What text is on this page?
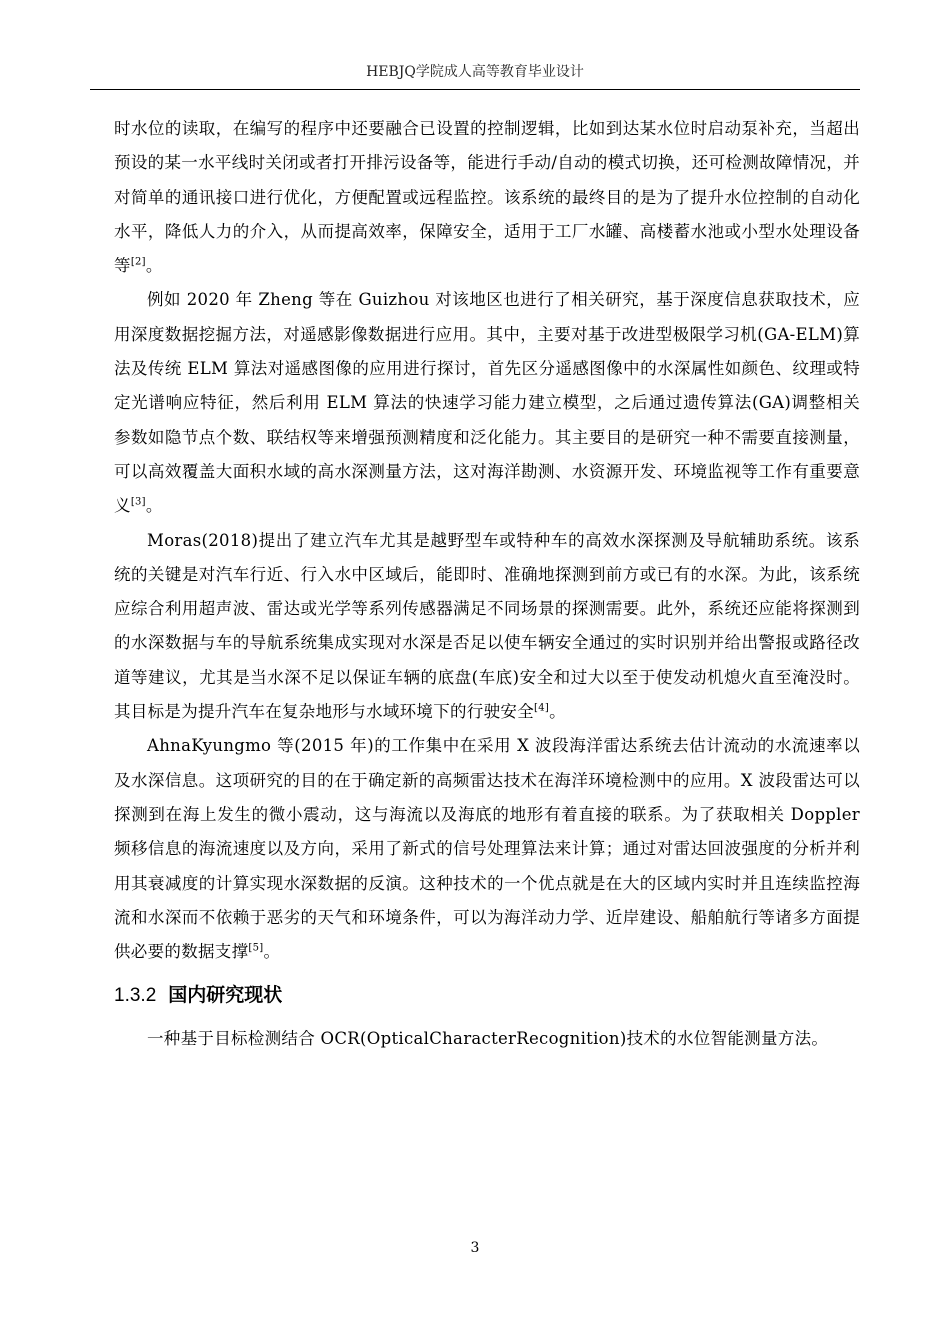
HEBJQ学院成人高等教育毕业设计

时水位的读取，在编写的程序中还要融合已设置的控制逻辑，比如到达某水位时启动泵补充，当超出预设的某一水平线时关闭或者打开排污设备等，能进行手动/自动的模式切换，还可检测故障情况，并对简单的通讯接口进行优化，方便配置或远程监控。该系统的最终目的是为了提升水位控制的自动化水平，降低人力的介入，从而提高效率，保障安全，适用于工厂水罐、高楼蓄水池或小型水处理设备等[2]。

例如 2020 年 Zheng 等在 Guizhou 对该地区也进行了相关研究，基于深度信息获取技术，应用深度数据挖掘方法，对遥感影像数据进行应用。其中，主要对基于改进型极限学习机(GA-ELM)算法及传统 ELM 算法对遥感图像的应用进行探讨，首先区分遥感图像中的水深属性如颜色、纹理或特定光谱响应特征，然后利用 ELM 算法的快速学习能力建立模型，之后通过遗传算法(GA)调整相关参数如隐节点个数、联结权等来增强预测精度和泛化能力。其主要目的是研究一种不需要直接测量，可以高效覆盖大面积水域的高水深测量方法，这对海洋勘测、水资源开发、环境监视等工作有重要意义[3]。

Moras(2018)提出了建立汽车尤其是越野型车或特种车的高效水深探测及导航辅助系统。该系统的关键是对汽车行近、行入水中区域后，能即时、准确地探测到前方或已有的水深。为此，该系统应综合利用超声波、雷达或光学等系列传感器满足不同场景的探测需要。此外，系统还应能将探测到的水深数据与车的导航系统集成实现对水深是否足以使车辆安全通过的实时识别并给出警报或路径改道等建议，尤其是当水深不足以保证车辆的底盘(车底)安全和过大以至于使发动机熄火直至淹没时。其目标是为提升汽车在复杂地形与水域环境下的行驶安全[4]。

AhnaKyungmo 等(2015 年)的工作集中在采用 X 波段海洋雷达系统去估计流动的水流速率以及水深信息。这项研究的目的在于确定新的高频雷达技术在海洋环境检测中的应用。X 波段雷达可以探测到在海上发生的微小震动，这与海流以及海底的地形有着直接的联系。为了获取相关 Doppler 频移信息的海流速度以及方向，采用了新式的信号处理算法来计算；通过对雷达回波强度的分析并利用其衰减度的计算实现水深数据的反演。这种技术的一个优点就是在大的区域内实时并且连续监控海流和水深而不依赖于恶劣的天气和环境条件，可以为海洋动力学、近岸建设、船舶航行等诸多方面提供必要的数据支撑[5]。

1.3.2 国内研究现状

一种基于目标检测结合 OCR(OpticalCharacterRecognition)技术的水位智能测量方法。

3
